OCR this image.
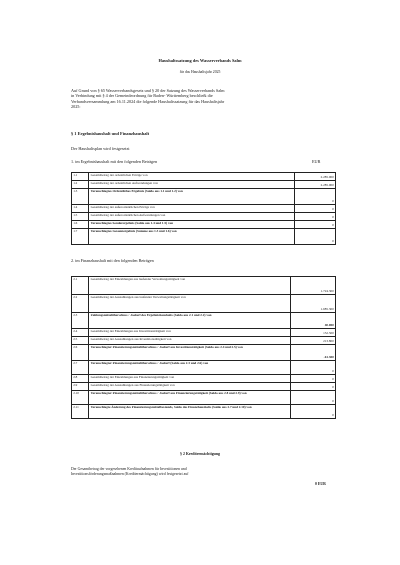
Haushaltssatzung des Wasserverbands Salm
für das Haushaltsjahr 2025
Auf Grund von § 65 Wasserverbandsgesetz und § 20 der Satzung des Wasserverbands Salm
in Verbindung mit § 4 der Gemeindeordnung für Baden- Württemberg beschließt die
Verbandsversammlung am 16.11.2024 die folgende Haushaltssatzung für das Haushaltsjahr
2025:
§ 1 Ergebnishaushalt und Finanzhaushalt
Der Haushaltsplan wird festgesetzt
1. im Ergebnishaushalt mit den folgenden Beträgen	EUR
1.1	Gesamtbetrag der ordentlichen Erträge von	2.285.000
1.2	Gesamtbetrag der ordentlichen Aufwendungen von	2.285.000
1.3	Veranschlagtes Ordentliches Ergebnis (Saldo aus 1.1 und 1.2) von	0
1.4	Gesamtbetrag der außerordentlichen Erträge von	0
1.5	Gesamtbetrag der außerordentlichen Aufwendungen von	0
1.6	Veranschlagtes Sonderergebnis (Saldo aus 1.4 und 1.5) von	0
1.7	Veranschlagtes Gesamtergebnis (Summe aus 1.3 und 1.6) von	0
2. im Finanzhaushalt mit den folgenden Beträgen
2.1	Gesamtbetrag der Einzahlungen aus laufender Verwaltungstätigkeit von	1.724.300
2.2	Gesamtbetrag der Auszahlungen aus laufender Verwaltungstätigkeit von	1.685.300
2.3	Zahlungsmittelüberschuss / -bedarf des Ergebnishaushalts (Saldo aus 2.1 und 2.2) von	40.000
2.4	Gesamtbetrag der Einzahlungen aus Investitionstätigkeit von	152.500
2.5	Gesamtbetrag der Auszahlungen aus Investitionstätigkeit von	213.800
2.6	Veranschlagter Finanzierungsmittelüberschuss / -bedarf aus Investitionstätigkeit (Saldo aus 2.4 und 2.5) von	-61.300
2.7	Veranschlagter Finanzierungsmittelüberschuss / -bedarf (Saldo aus 2.3 und 2.6) von	0
2.8	Gesamtbetrag der Einzahlungen aus Finanzierungstätigkeit von	0
2.9	Gesamtbetrag der Auszahlungen aus Finanzierungstätigkeit von	0
2.10	Veranschlagter Finanzierungsmittelüberschuss / -bedarf aus Finanzierungstätigkeit (Saldo aus 2.8 und 2.9) von	0
2.11	Veranschlagte Änderung des Finanzierungsmittelbestands, Saldo des Finanzhaushalts (Saldo aus 2.7 und 2.10) von	0
§ 2 Kreditermächtigung
Der Gesamtbetrag der vorgesehenen Kreditaufnahmen für Investitionen und
Investitionsförderungsmaßnahmen (Kreditermächtigung) wird festgesetzt auf
0 EUR
